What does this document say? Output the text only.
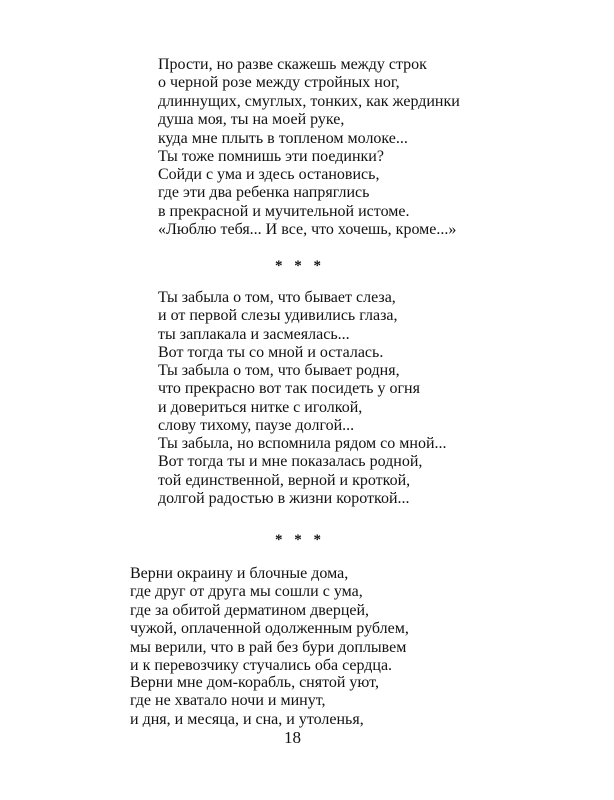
Прости, но разве скажешь между строк
о черной розе между стройных ног,
длиннущих, смуглых, тонких, как жердинки
душа моя, ты на моей руке,
куда мне плыть в топленом молоке...
Ты тоже помнишь эти поединки?
Сойди с ума и здесь остановись,
где эти два ребенка напряглись
в прекрасной и мучительной истоме.
«Люблю тебя... И все, что хочешь, кроме...»
* * *
Ты забыла о том, что бывает слеза,
и от первой слезы удивились глаза,
ты заплакала и засмеялась...
Вот тогда ты со мной и осталась.
Ты забыла о том, что бывает родня,
что прекрасно вот так посидеть у огня
и довериться нитке с иголкой,
слову тихому, паузе долгой...
Ты забыла, но вспомнила рядом со мной...
Вот тогда ты и мне показалась родной,
той единственной, верной и кроткой,
долгой радостью в жизни короткой...
* * *
Верни окраину и блочные дома,
где друг от друга мы сошли с ума,
где за обитой дерматином дверцей,
чужой, оплаченной одолженным рублем,
мы верили, что в рай без бури доплывем
и к перевозчику стучались оба сердца.
Верни мне дом-корабль, снятой уют,
где не хватало ночи и минут,
и дня, и месяца, и сна, и утоленья,
18
